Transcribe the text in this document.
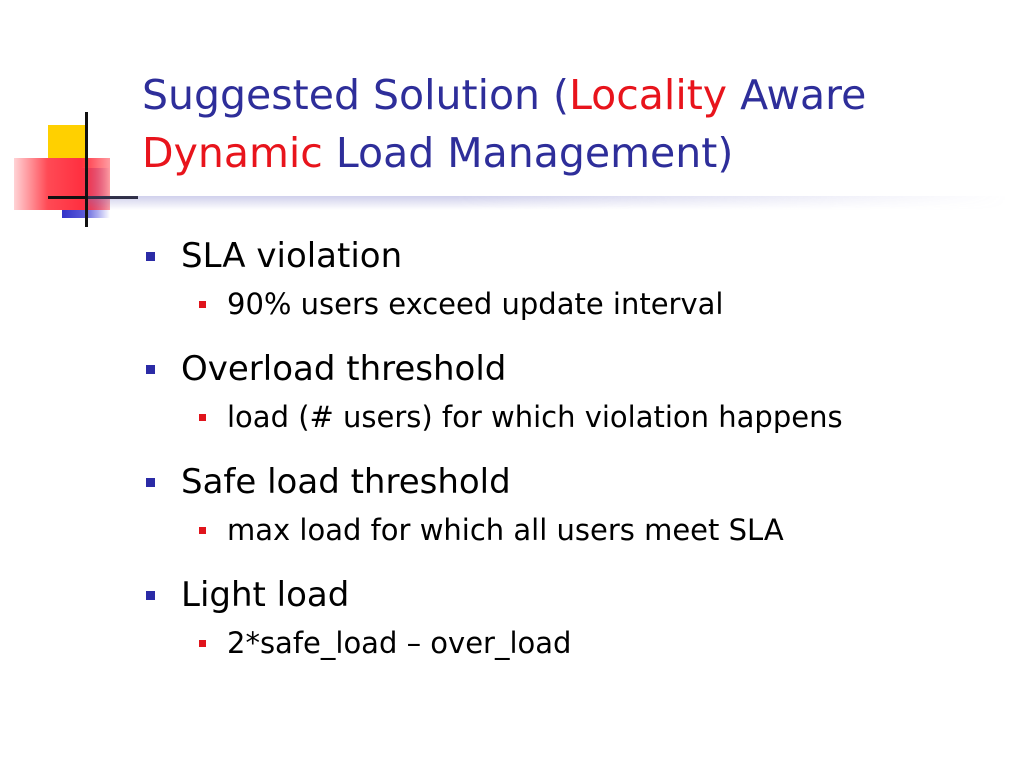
Suggested Solution (Locality Aware
Dynamic Load Management)
SLA violation
90% users exceed update interval
Overload threshold
load (# users) for which violation happens
Safe load threshold
max load for which all users meet SLA
Light load
2*safe_load – over_load
